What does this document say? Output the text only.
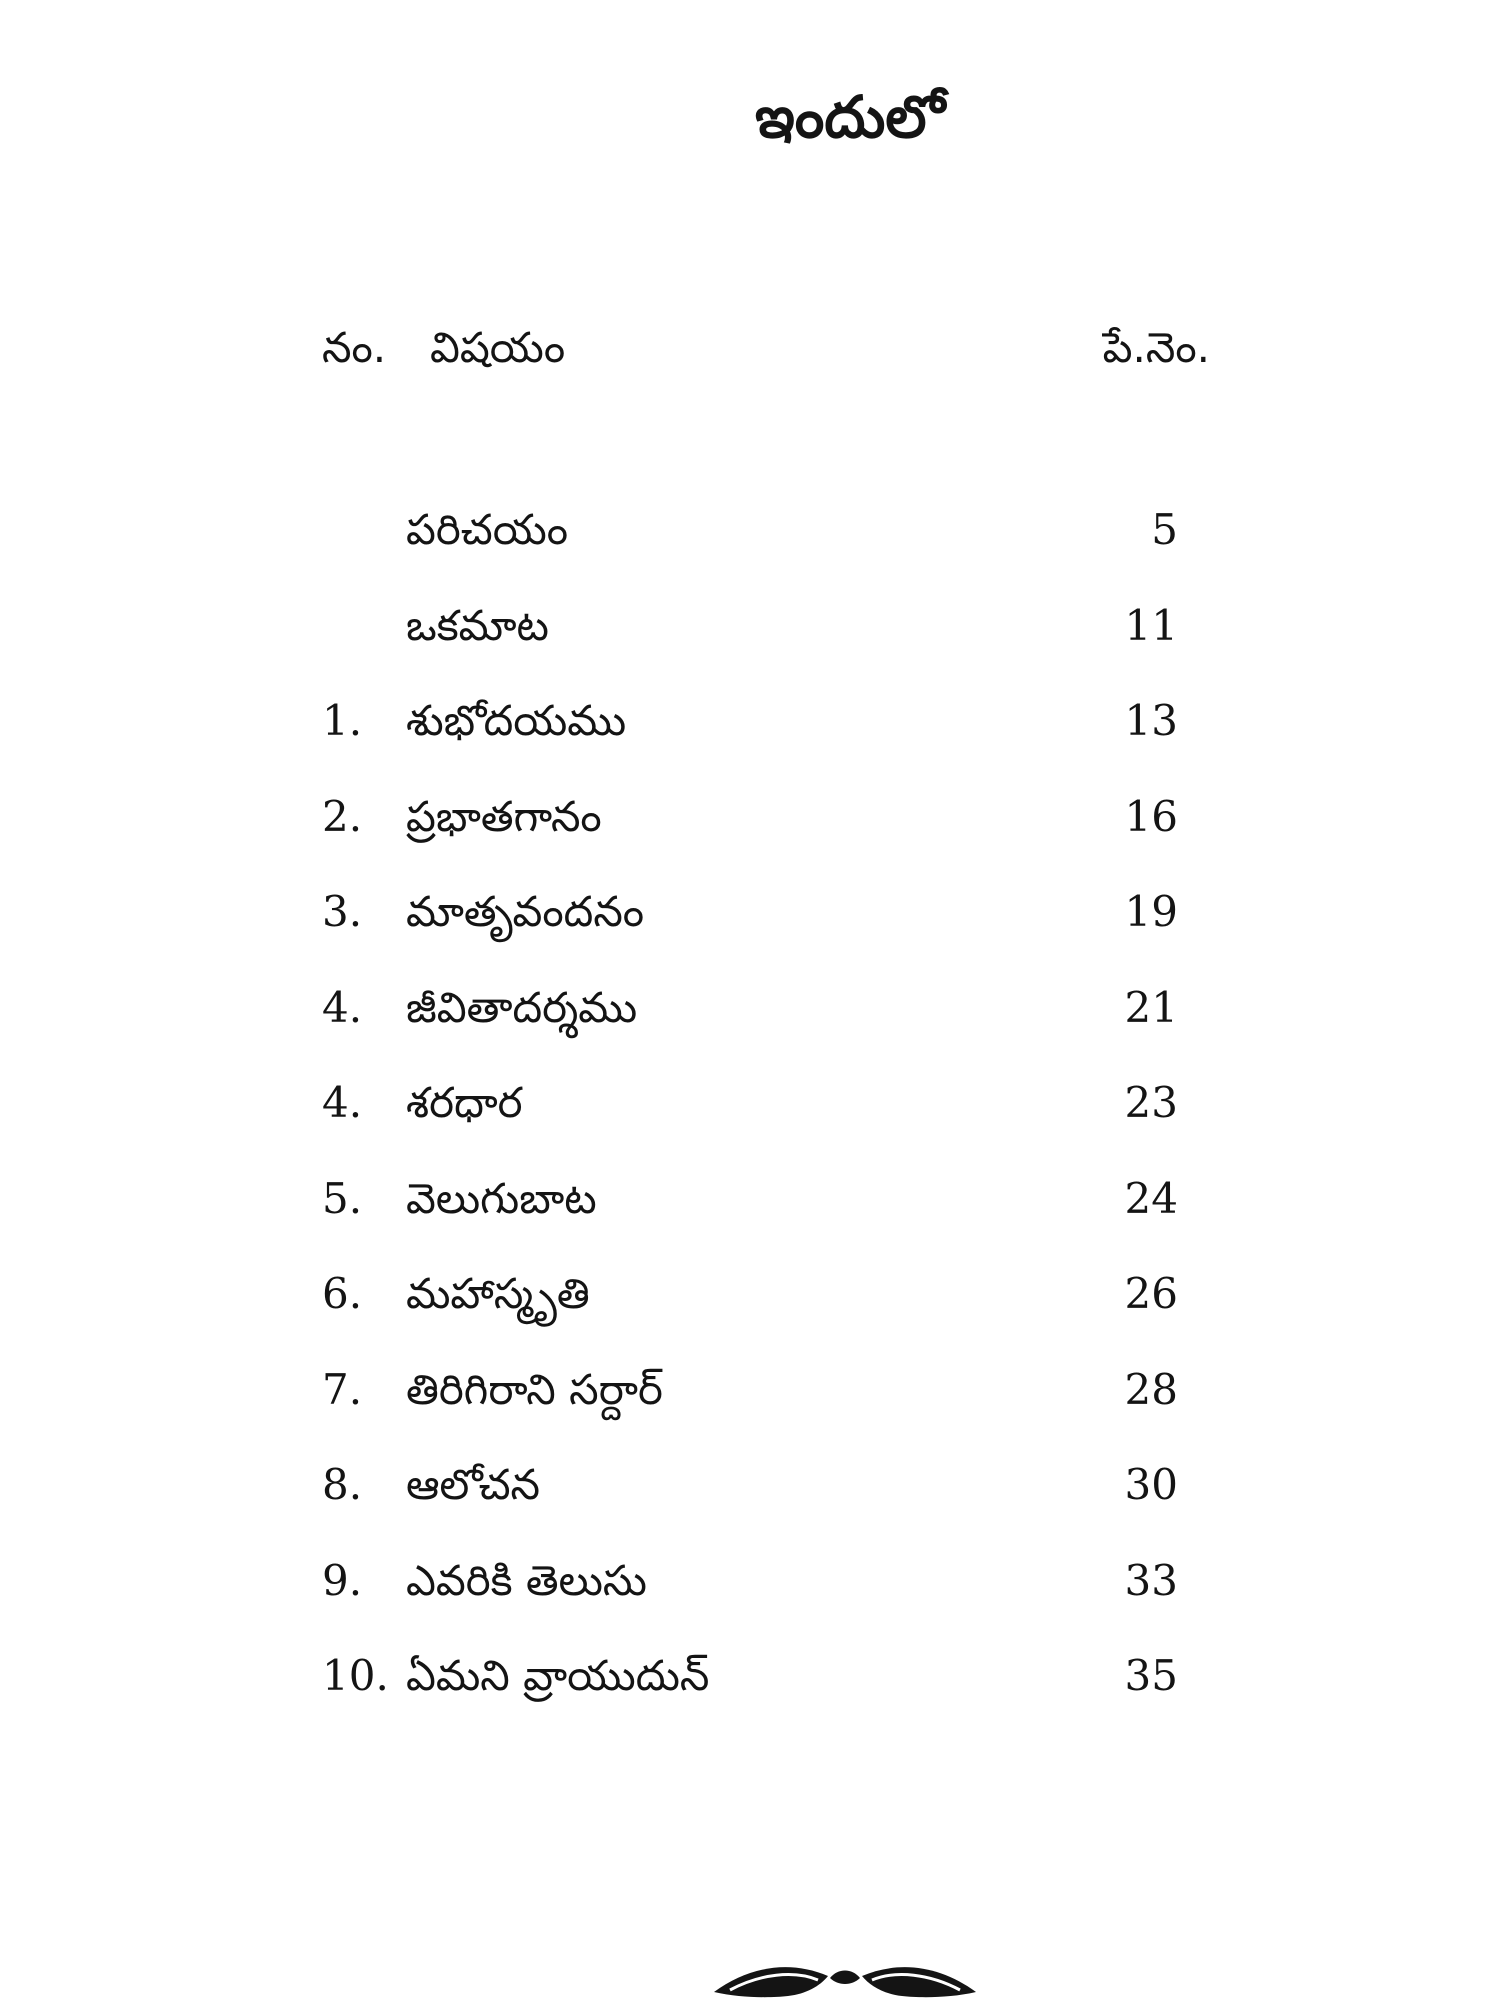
ఇందులో
నం. విషయం	పే.నెం.
పరిచయం	5
ఒకమాట	11
1. శుభోదయము	13
2. ప్రభాతగానం	16
3. మాతృవందనం	19
4. జీవితాదర్శము	21
4. శరధార	23
5. వెలుగుబాట	24
6. మహాస్మృతి	26
7. తిరిగిరాని సర్దార్	28
8. ఆలోచన	30
9. ఎవరికి తెలుసు	33
10. ఏమని వ్రాయుదున్	35
